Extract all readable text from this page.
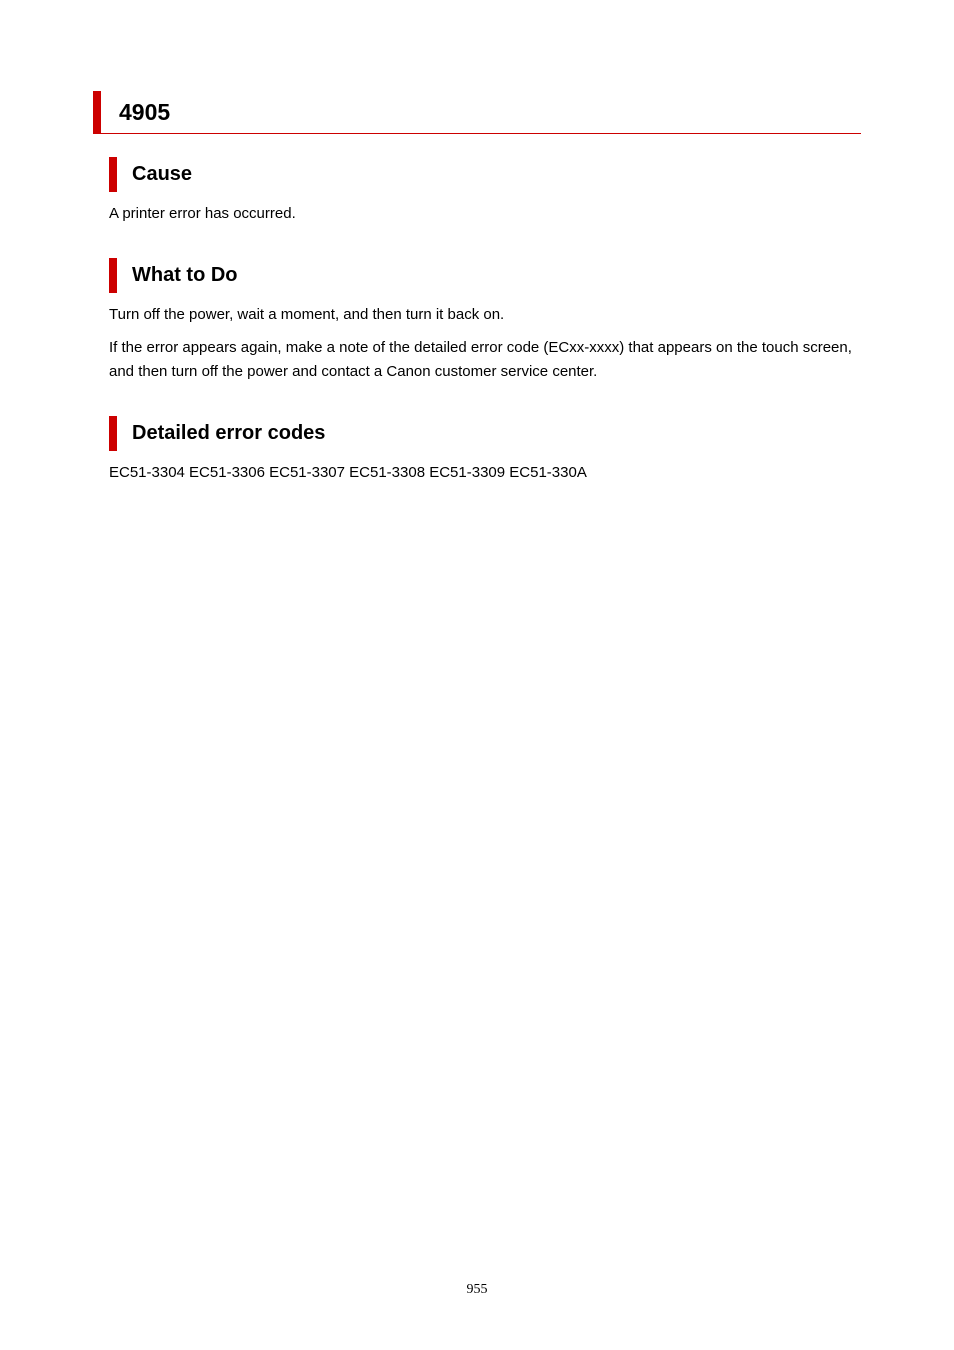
4905
Cause

A printer error has occurred.

What to Do

Turn off the power, wait a moment, and then turn it back on.

If the error appears again, make a note of the detailed error code (ECxx-xxxx) that appears on the touch screen, and then turn off the power and contact a Canon customer service center.

Detailed error codes

EC51-3304 EC51-3306 EC51-3307 EC51-3308 EC51-3309 EC51-330A

955
